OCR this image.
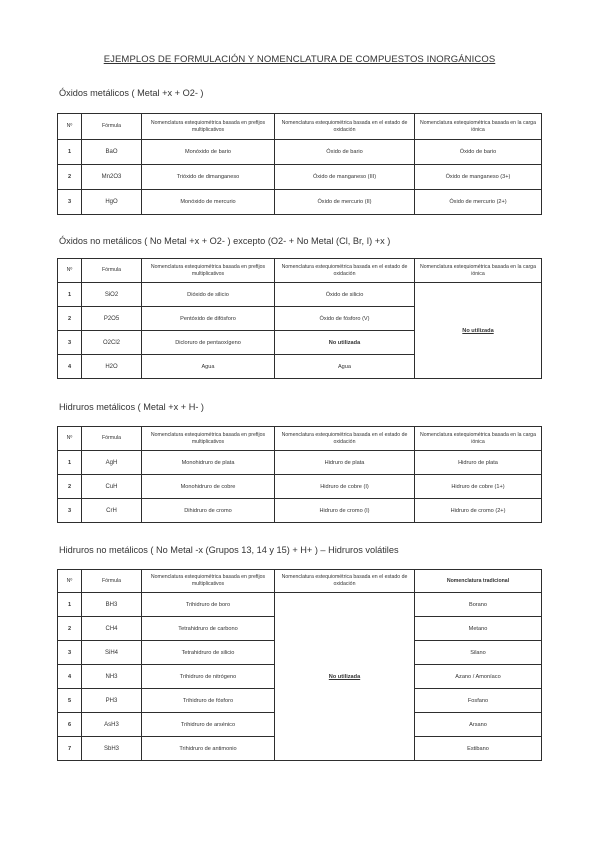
EJEMPLOS DE FORMULACIÓN Y NOMENCLATURA DE COMPUESTOS INORGÁNICOS
Óxidos metálicos ( Metal +x + O2- )
Nº	Fórmula	Nomenclatura estequiométrica basada en prefijos multiplicativos	Nomenclatura estequiométrica basada en el estado de oxidación	Nomenclatura estequiométrica basada en la carga iónica
1	BaO	Monóxido de bario	Óxido de bario	Óxido de bario
2	Mn2O3	Trióxido de dimanganeso	Óxido de manganeso (III)	Óxido de manganeso (3+)
3	HgO	Monóxido de mercurio	Óxido de mercurio (II)	Óxido de mercurio (2+)
Óxidos no metálicos ( No Metal +x + O2- ) excepto (O2- + No Metal (Cl, Br, I) +x )
Nº	Fórmula	Nomenclatura estequiométrica basada en prefijos multiplicativos	Nomenclatura estequiométrica basada en el estado de oxidación	Nomenclatura estequiométrica basada en la carga iónica
1	SiO2	Dióxido de silicio	Óxido de silicio	No utilizada
2	P2O5	Pentóxido de difósforo	Óxido de fósforo (V)	
3	O2Cl2	Dicloruro de pentaoxígeno	No utilizada	
4	H2O	Agua	Agua	
Hidruros metálicos ( Metal +x + H- )
Nº	Fórmula	Nomenclatura estequiométrica basada en prefijos multiplicativos	Nomenclatura estequiométrica basada en el estado de oxidación	Nomenclatura estequiométrica basada en la carga iónica
1	AgH	Monohidruro de plata	Hidruro de plata	Hidruro de plata
2	CuH	Monohidruro de cobre	Hidruro de cobre (I)	Hidruro de cobre (1+)
3	CrH	Dihidruro de cromo	Hidruro de cromo (I)	Hidruro de cromo (2+)
Hidruros no metálicos ( No Metal -x (Grupos 13, 14 y 15) + H+ ) – Hidruros volátiles
Nº	Fórmula	Nomenclatura estequiométrica basada en prefijos multiplicativos	Nomenclatura estequiométrica basada en el estado de oxidación	Nomenclatura tradicional
1	BH3	Trihidruro de boro	No utilizada	Borano
2	CH4	Tetrahidruro de carbono		Metano
3	SiH4	Tetrahidruro de silicio		Silano
4	NH3	Trihidruro de nitrógeno		Azano / Amoníaco
5	PH3	Trihidruro de fósforo		Fosfano
6	AsH3	Trihidruro de arsénico		Arsano
7	SbH3	Trihidruro de antimonio		Estibano
